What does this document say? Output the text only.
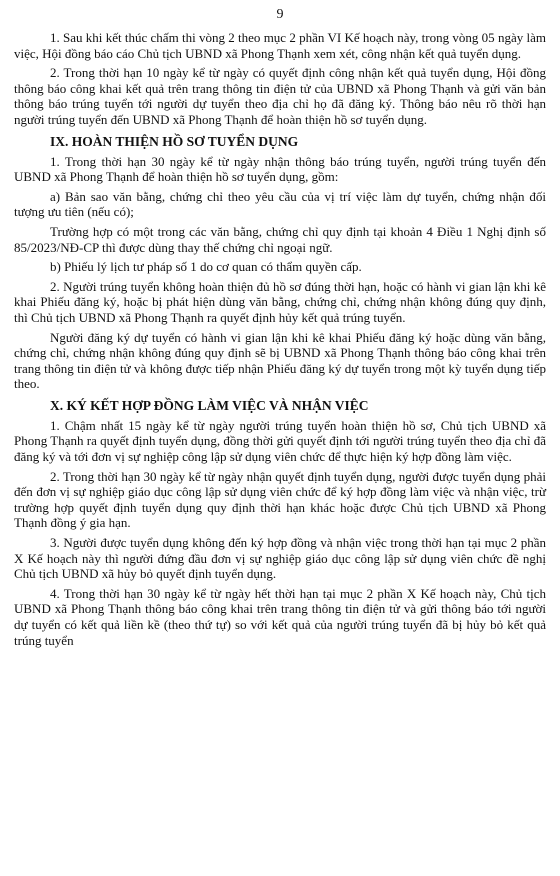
9

1. Sau khi kết thúc chấm thi vòng 2 theo mục 2 phần VI Kế hoạch này, trong vòng 05 ngày làm việc, Hội đồng báo cáo Chủ tịch UBND xã Phong Thạnh xem xét, công nhận kết quả tuyển dụng.

2. Trong thời hạn 10 ngày kể từ ngày có quyết định công nhận kết quả tuyển dụng, Hội đồng thông báo công khai kết quả trên trang thông tin điện tử của UBND xã Phong Thạnh và gửi văn bản thông báo trúng tuyển tới người dự tuyển theo địa chỉ họ đã đăng ký. Thông báo nêu rõ thời hạn người trúng tuyển đến UBND xã Phong Thạnh để hoàn thiện hồ sơ tuyển dụng.

IX. HOÀN THIỆN HỒ SƠ TUYỂN DỤNG

1. Trong thời hạn 30 ngày kể từ ngày nhận thông báo trúng tuyển, người trúng tuyển đến UBND xã Phong Thạnh để hoàn thiện hồ sơ tuyển dụng, gồm:

a) Bản sao văn bằng, chứng chỉ theo yêu cầu của vị trí việc làm dự tuyển, chứng nhận đối tượng ưu tiên (nếu có);

Trường hợp có một trong các văn bằng, chứng chỉ quy định tại khoản 4 Điều 1 Nghị định số 85/2023/NĐ-CP thì được dùng thay thế chứng chỉ ngoại ngữ.

b) Phiếu lý lịch tư pháp số 1 do cơ quan có thẩm quyền cấp.

2. Người trúng tuyển không hoàn thiện đủ hồ sơ đúng thời hạn, hoặc có hành vi gian lận khi kê khai Phiếu đăng ký, hoặc bị phát hiện dùng văn bằng, chứng chỉ, chứng nhận không đúng quy định, thì Chủ tịch UBND xã Phong Thạnh ra quyết định hủy kết quả trúng tuyển.

Người đăng ký dự tuyển có hành vi gian lận khi kê khai Phiếu đăng ký hoặc dùng văn bằng, chứng chỉ, chứng nhận không đúng quy định sẽ bị UBND xã Phong Thạnh thông báo công khai trên trang thông tin điện tử và không được tiếp nhận Phiếu đăng ký dự tuyển trong một kỳ tuyển dụng tiếp theo.

X. KÝ KẾT HỢP ĐỒNG LÀM VIỆC VÀ NHẬN VIỆC

1. Chậm nhất 15 ngày kể từ ngày người trúng tuyển hoàn thiện hồ sơ, Chủ tịch UBND xã Phong Thạnh ra quyết định tuyển dụng, đồng thời gửi quyết định tới người trúng tuyển theo địa chỉ đã đăng ký và tới đơn vị sự nghiệp công lập sử dụng viên chức để thực hiện ký hợp đồng làm việc.

2. Trong thời hạn 30 ngày kể từ ngày nhận quyết định tuyển dụng, người được tuyển dụng phải đến đơn vị sự nghiệp giáo dục công lập sử dụng viên chức để ký hợp đồng làm việc và nhận việc, trừ trường hợp quyết định tuyển dụng quy định thời hạn khác hoặc được Chủ tịch UBND xã Phong Thạnh đồng ý gia hạn.

3. Người được tuyển dụng không đến ký hợp đồng và nhận việc trong thời hạn tại mục 2 phần X Kế hoạch này thì người đứng đầu đơn vị sự nghiệp giáo dục công lập sử dụng viên chức đề nghị Chủ tịch UBND xã hủy bỏ quyết định tuyển dụng.

4. Trong thời hạn 30 ngày kể từ ngày hết thời hạn tại mục 2 phần X Kế hoạch này, Chủ tịch UBND xã Phong Thạnh thông báo công khai trên trang thông tin điện tử và gửi thông báo tới người dự tuyển có kết quả liền kề (theo thứ tự) so với kết quả của người trúng tuyển đã bị hủy bỏ kết quả trúng tuyển
